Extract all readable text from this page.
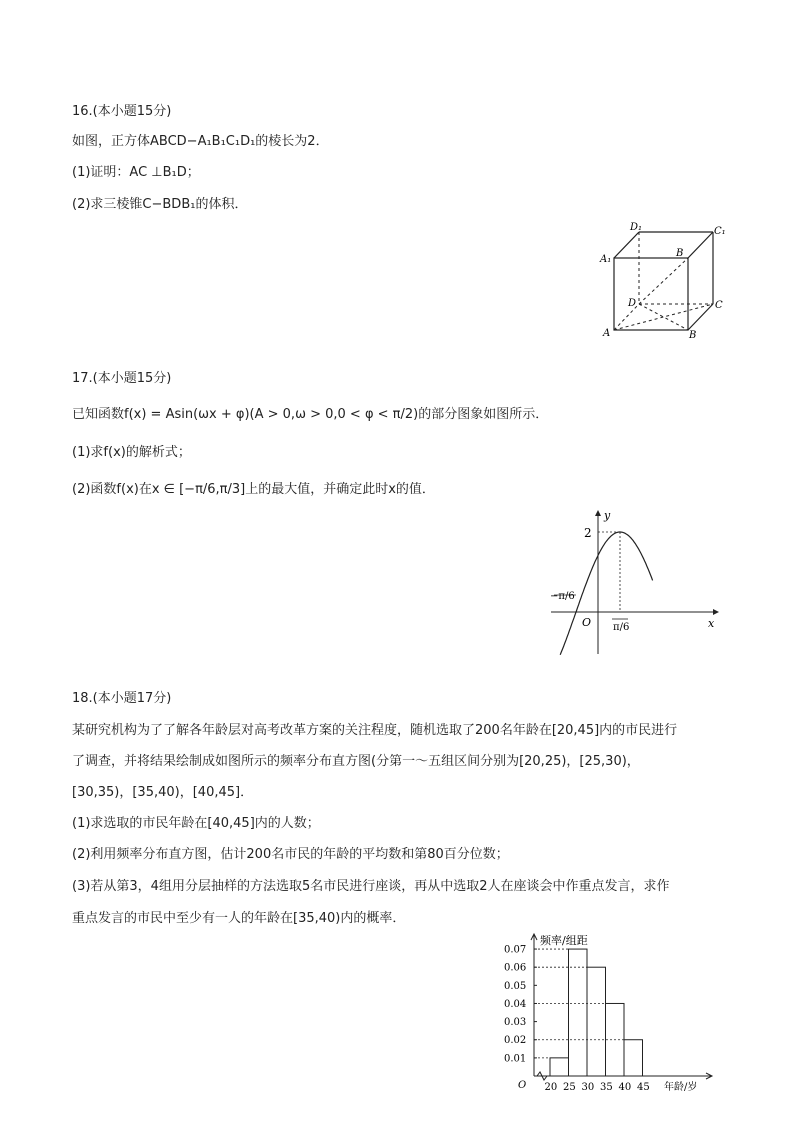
16.(本小题15分)
如图，正方体ABCD−A₁B₁C₁D₁的棱长为2．
(1)证明：AC ⊥B₁D；
(2)求三棱锥C−BDB₁的体积．
D₁	C₁
A₁
B
D	C
A	B
17.(本小题15分)
已知函数f(x) = Asin(ωx + φ)(A > 0,ω > 0,0 < φ < π/2)的部分图象如图所示．
(1)求f(x)的解析式；
(2)函数f(x)在x ∈ [−π/6,π/3]上的最大值，并确定此时x的值．
y
x
O
2
−π/6
π/6
18.(本小题17分)
某研究机构为了了解各年龄层对高考改革方案的关注程度，随机选取了200名年龄在[20,45]内的市民进行
了调查，并将结果绘制成如图所示的频率分布直方图(分第一～五组区间分别为[20,25)，[25,30)，
[30,35)，[35,40)，[40,45]．
(1)求选取的市民年龄在[40,45]内的人数；
(2)利用频率分布直方图，估计200名市民的年龄的平均数和第80百分位数；
(3)若从第3，4组用分层抽样的方法选取5名市民进行座谈，再从中选取2人在座谈会中作重点发言，求作
重点发言的市民中至少有一人的年龄在[35,40)内的概率．
0.01
0.02
0.03
0.04
0.05
0.06
0.07
20 25 30 35 40 45
O
频率/组距
年龄/岁
